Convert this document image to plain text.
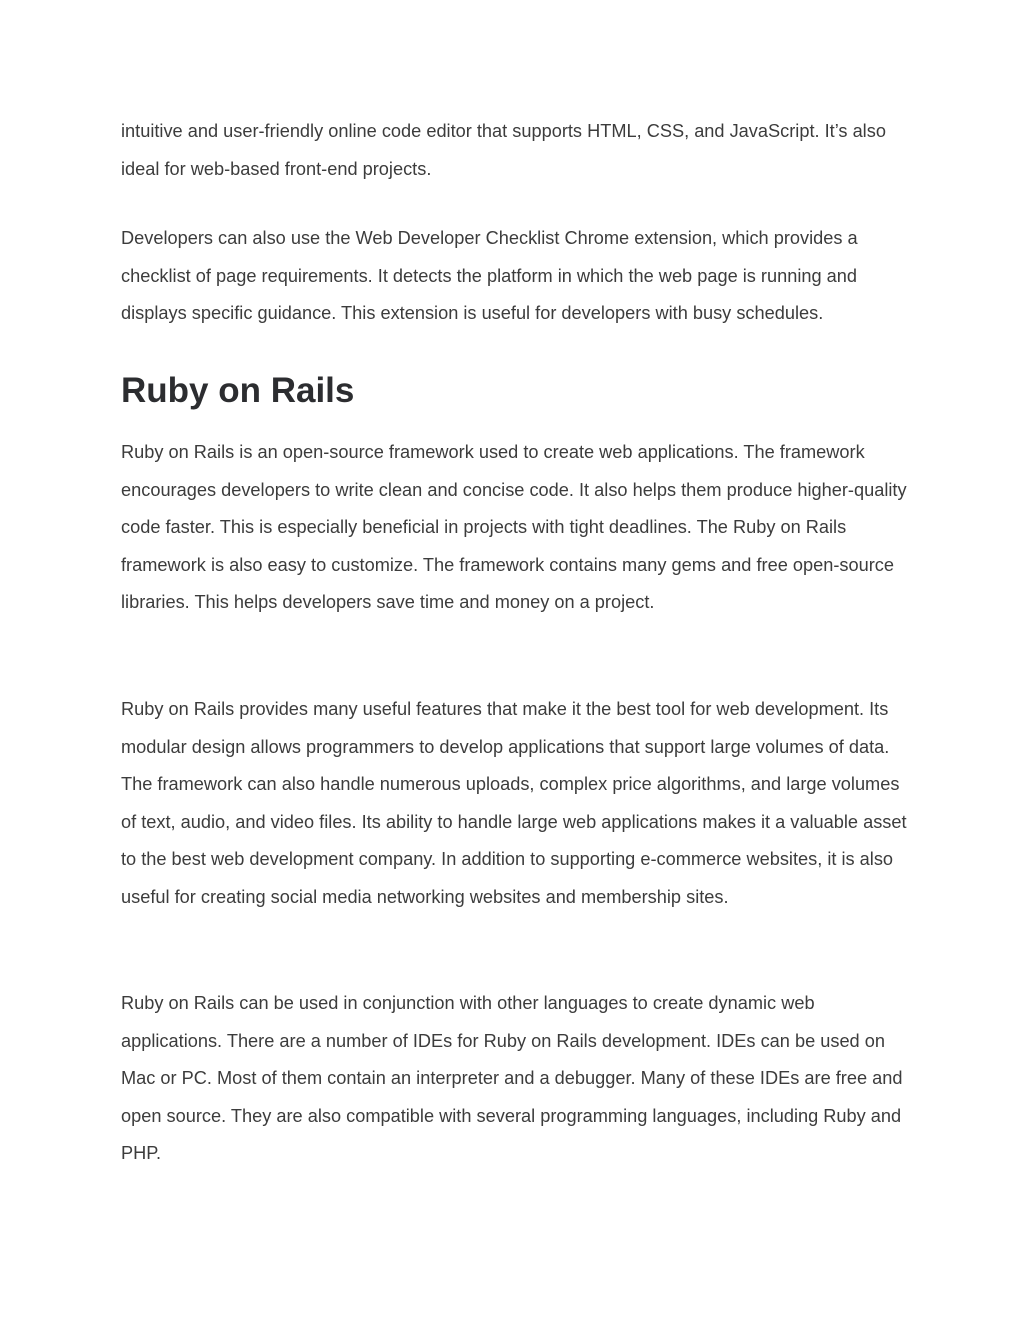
intuitive and user-friendly online code editor that supports HTML, CSS, and JavaScript. It’s also ideal for web-based front-end projects.

Developers can also use the Web Developer Checklist Chrome extension, which provides a checklist of page requirements. It detects the platform in which the web page is running and displays specific guidance. This extension is useful for developers with busy schedules.

Ruby on Rails

Ruby on Rails is an open-source framework used to create web applications. The framework encourages developers to write clean and concise code. It also helps them produce higher-quality code faster. This is especially beneficial in projects with tight deadlines. The Ruby on Rails framework is also easy to customize. The framework contains many gems and free open-source libraries. This helps developers save time and money on a project.

Ruby on Rails provides many useful features that make it the best tool for web development. Its modular design allows programmers to develop applications that support large volumes of data. The framework can also handle numerous uploads, complex price algorithms, and large volumes of text, audio, and video files. Its ability to handle large web applications makes it a valuable asset to the best web development company. In addition to supporting e-commerce websites, it is also useful for creating social media networking websites and membership sites.

Ruby on Rails can be used in conjunction with other languages to create dynamic web applications. There are a number of IDEs for Ruby on Rails development. IDEs can be used on Mac or PC. Most of them contain an interpreter and a debugger. Many of these IDEs are free and open source. They are also compatible with several programming languages, including Ruby and PHP.
